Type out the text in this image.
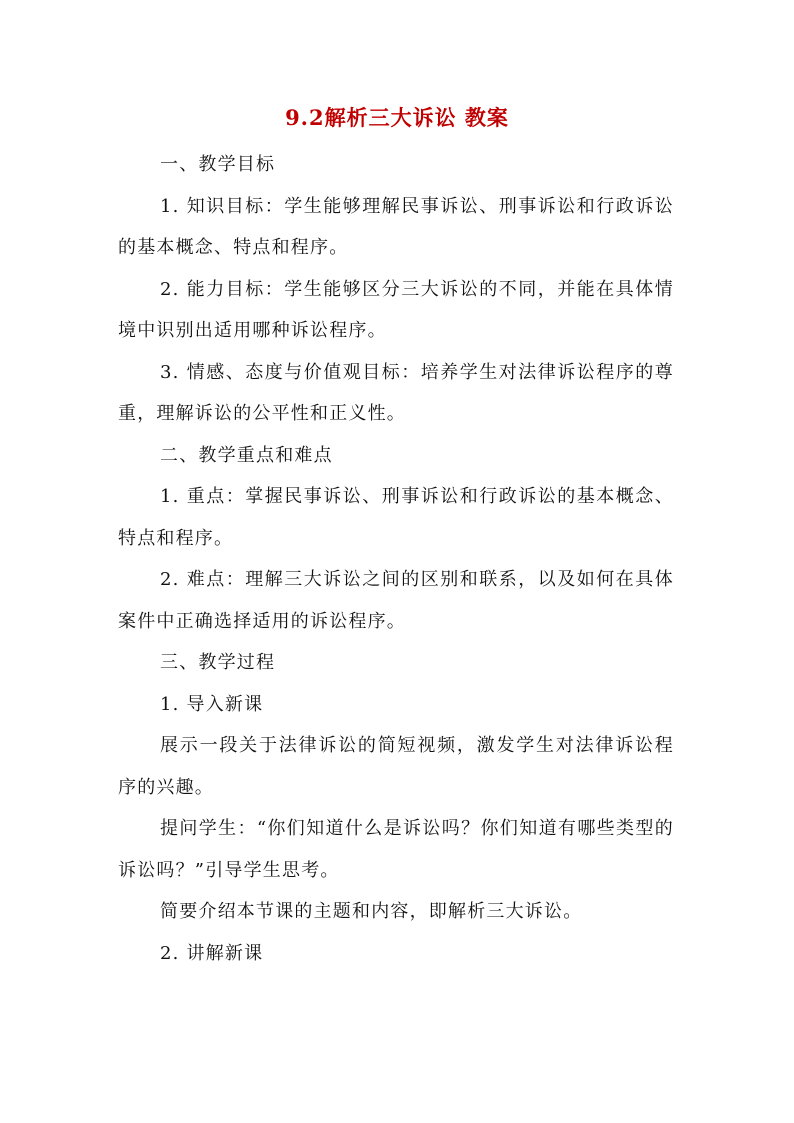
9.2解析三大诉讼 教案

一、教学目标

1. 知识目标：学生能够理解民事诉讼、刑事诉讼和行政诉讼的基本概念、特点和程序。

2. 能力目标：学生能够区分三大诉讼的不同，并能在具体情境中识别出适用哪种诉讼程序。

3. 情感、态度与价值观目标：培养学生对法律诉讼程序的尊重，理解诉讼的公平性和正义性。

二、教学重点和难点

1. 重点：掌握民事诉讼、刑事诉讼和行政诉讼的基本概念、特点和程序。

2. 难点：理解三大诉讼之间的区别和联系，以及如何在具体案件中正确选择适用的诉讼程序。

三、教学过程

1. 导入新课

展示一段关于法律诉讼的简短视频，激发学生对法律诉讼程序的兴趣。

提问学生：“你们知道什么是诉讼吗？你们知道有哪些类型的诉讼吗？”引导学生思考。

简要介绍本节课的主题和内容，即解析三大诉讼。

2. 讲解新课
